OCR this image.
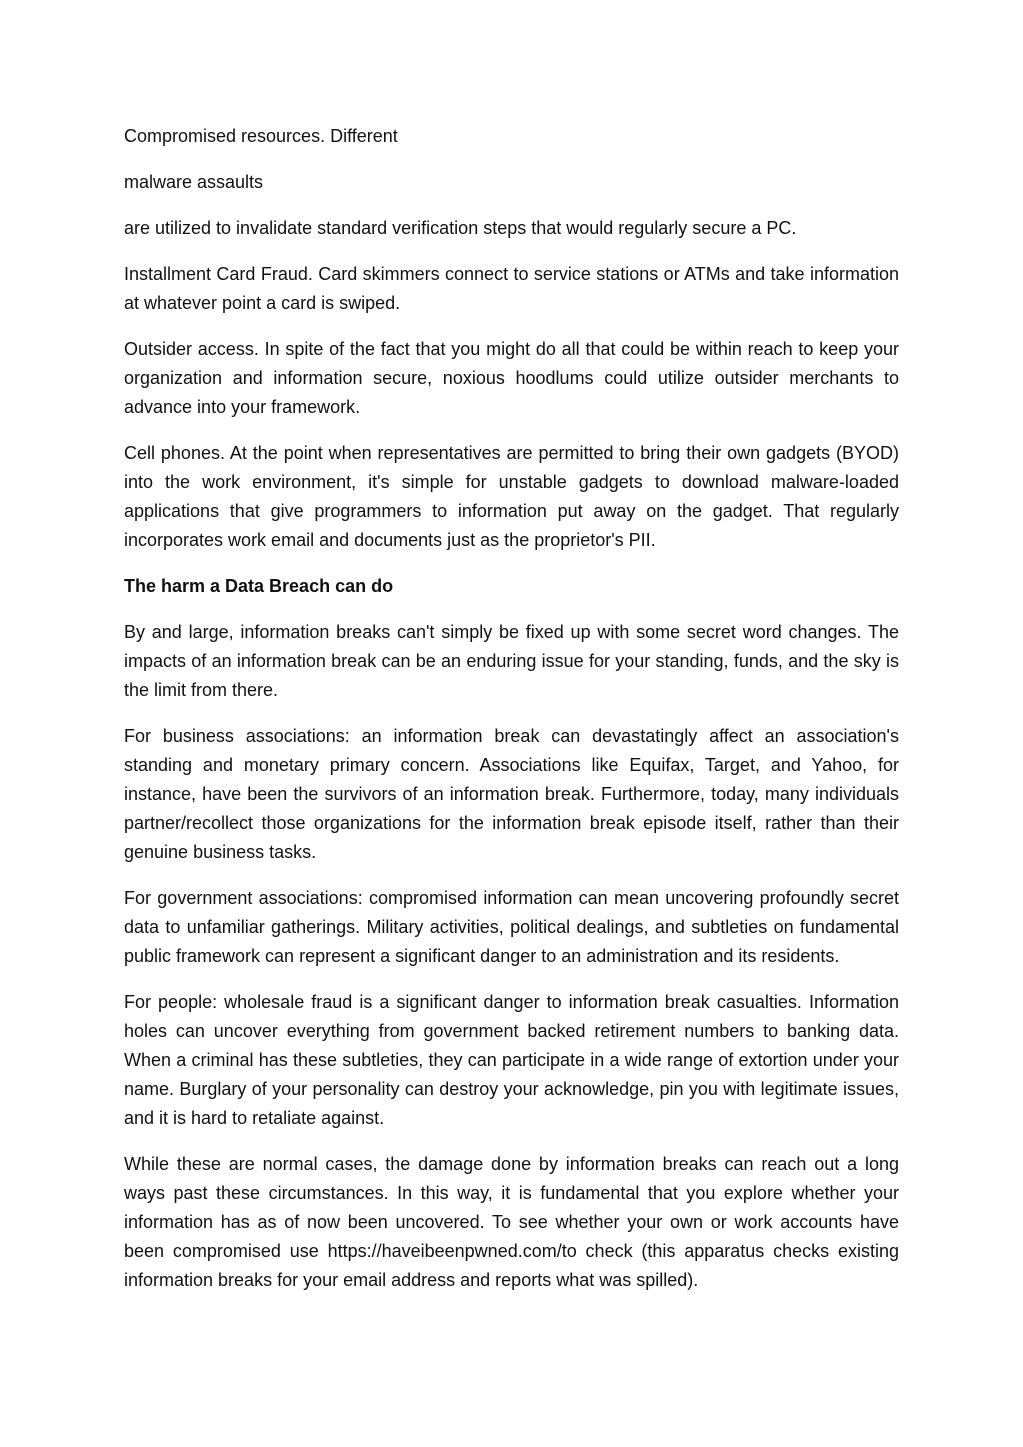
Compromised resources. Different

malware assaults

are utilized to invalidate standard verification steps that would regularly secure a PC.

Installment Card Fraud. Card skimmers connect to service stations or ATMs and take information at whatever point a card is swiped.

Outsider access. In spite of the fact that you might do all that could be within reach to keep your organization and information secure, noxious hoodlums could utilize outsider merchants to advance into your framework.

Cell phones. At the point when representatives are permitted to bring their own gadgets (BYOD) into the work environment, it's simple for unstable gadgets to download malware-loaded applications that give programmers to information put away on the gadget. That regularly incorporates work email and documents just as the proprietor's PII.

The harm a Data Breach can do

By and large, information breaks can't simply be fixed up with some secret word changes. The impacts of an information break can be an enduring issue for your standing, funds, and the sky is the limit from there.

For business associations: an information break can devastatingly affect an association's standing and monetary primary concern. Associations like Equifax, Target, and Yahoo, for instance, have been the survivors of an information break. Furthermore, today, many individuals partner/recollect those organizations for the information break episode itself, rather than their genuine business tasks.

For government associations: compromised information can mean uncovering profoundly secret data to unfamiliar gatherings. Military activities, political dealings, and subtleties on fundamental public framework can represent a significant danger to an administration and its residents.

For people: wholesale fraud is a significant danger to information break casualties. Information holes can uncover everything from government backed retirement numbers to banking data. When a criminal has these subtleties, they can participate in a wide range of extortion under your name. Burglary of your personality can destroy your acknowledge, pin you with legitimate issues, and it is hard to retaliate against.

While these are normal cases, the damage done by information breaks can reach out a long ways past these circumstances. In this way, it is fundamental that you explore whether your information has as of now been uncovered. To see whether your own or work accounts have been compromised use https://haveibeenpwned.com/to check (this apparatus checks existing information breaks for your email address and reports what was spilled).
